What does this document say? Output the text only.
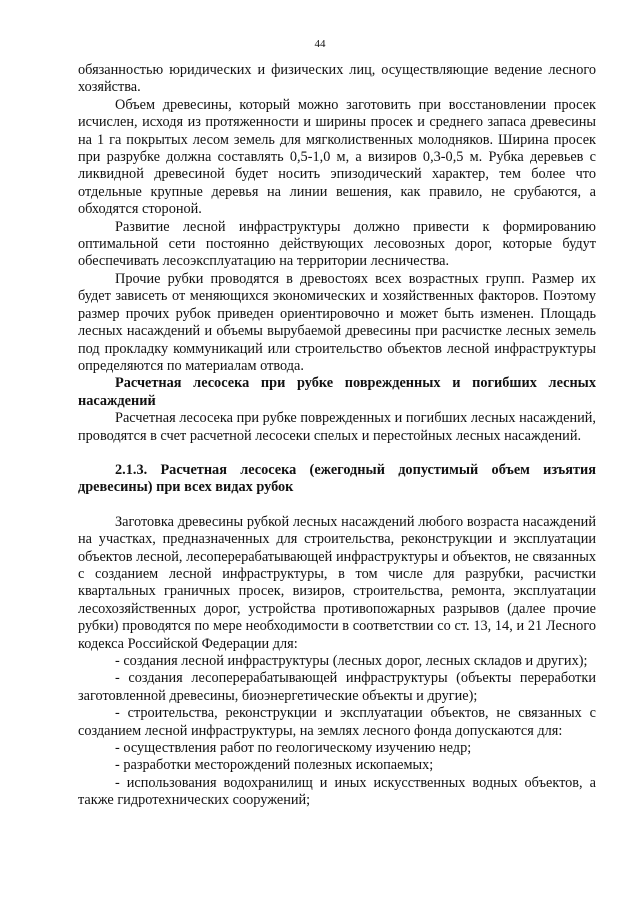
44

обязанностью юридических и физических лиц, осуществляющие ведение лесного хозяйства.

Объем древесины, который можно заготовить при восстановлении просек исчислен, исходя из протяженности и ширины просек и среднего запаса древесины на 1 га покрытых лесом земель для мягколиственных молодняков. Ширина просек при разрубке должна составлять 0,5-1,0 м, а визиров 0,3-0,5 м. Рубка деревьев с ликвидной древесиной будет носить эпизодический характер, тем более что отдельные крупные деревья на линии вешения, как правило, не срубаются, а обходятся стороной.

Развитие лесной инфраструктуры должно привести к формированию оптимальной сети постоянно действующих лесовозных дорог, которые будут обеспечивать лесоэксплуатацию на территории лесничества.

Прочие рубки проводятся в древостоях всех возрастных групп. Размер их будет зависеть от меняющихся экономических и хозяйственных факторов. Поэтому размер прочих рубок приведен ориентировочно и может быть изменен. Площадь лесных насаждений и объемы вырубаемой древесины при расчистке лесных земель под прокладку коммуникаций или строительство объектов лесной инфраструктуры определяются по материалам отвода.

Расчетная лесосека при рубке поврежденных и погибших лесных насаждений

Расчетная лесосека при рубке поврежденных и погибших лесных насаждений, проводятся в счет расчетной лесосеки спелых и перестойных лесных насаждений.

2.1.3. Расчетная лесосека (ежегодный допустимый объем изъятия древесины) при всех видах рубок

Заготовка древесины рубкой лесных насаждений любого возраста насаждений на участках, предназначенных для строительства, реконструкции и эксплуатации объектов лесной, лесоперерабатывающей инфраструктуры и объектов, не связанных с созданием лесной инфраструктуры, в том числе для разрубки, расчистки квартальных граничных просек, визиров, строительства, ремонта, эксплуатации лесохозяйственных дорог, устройства противопожарных разрывов (далее прочие рубки) проводятся по мере необходимости в соответствии со ст. 13, 14, и 21 Лесного кодекса Российской Федерации для:

- создания лесной инфраструктуры (лесных дорог, лесных складов и других);

- создания лесоперерабатывающей инфраструктуры (объекты переработки заготовленной древесины, биоэнергетические объекты и другие);

- строительства, реконструкции и эксплуатации объектов, не связанных с созданием лесной инфраструктуры, на землях лесного фонда допускаются для:

- осуществления работ по геологическому изучению недр;

- разработки месторождений полезных ископаемых;

- использования водохранилищ и иных искусственных водных объектов, а также гидротехнических сооружений;
